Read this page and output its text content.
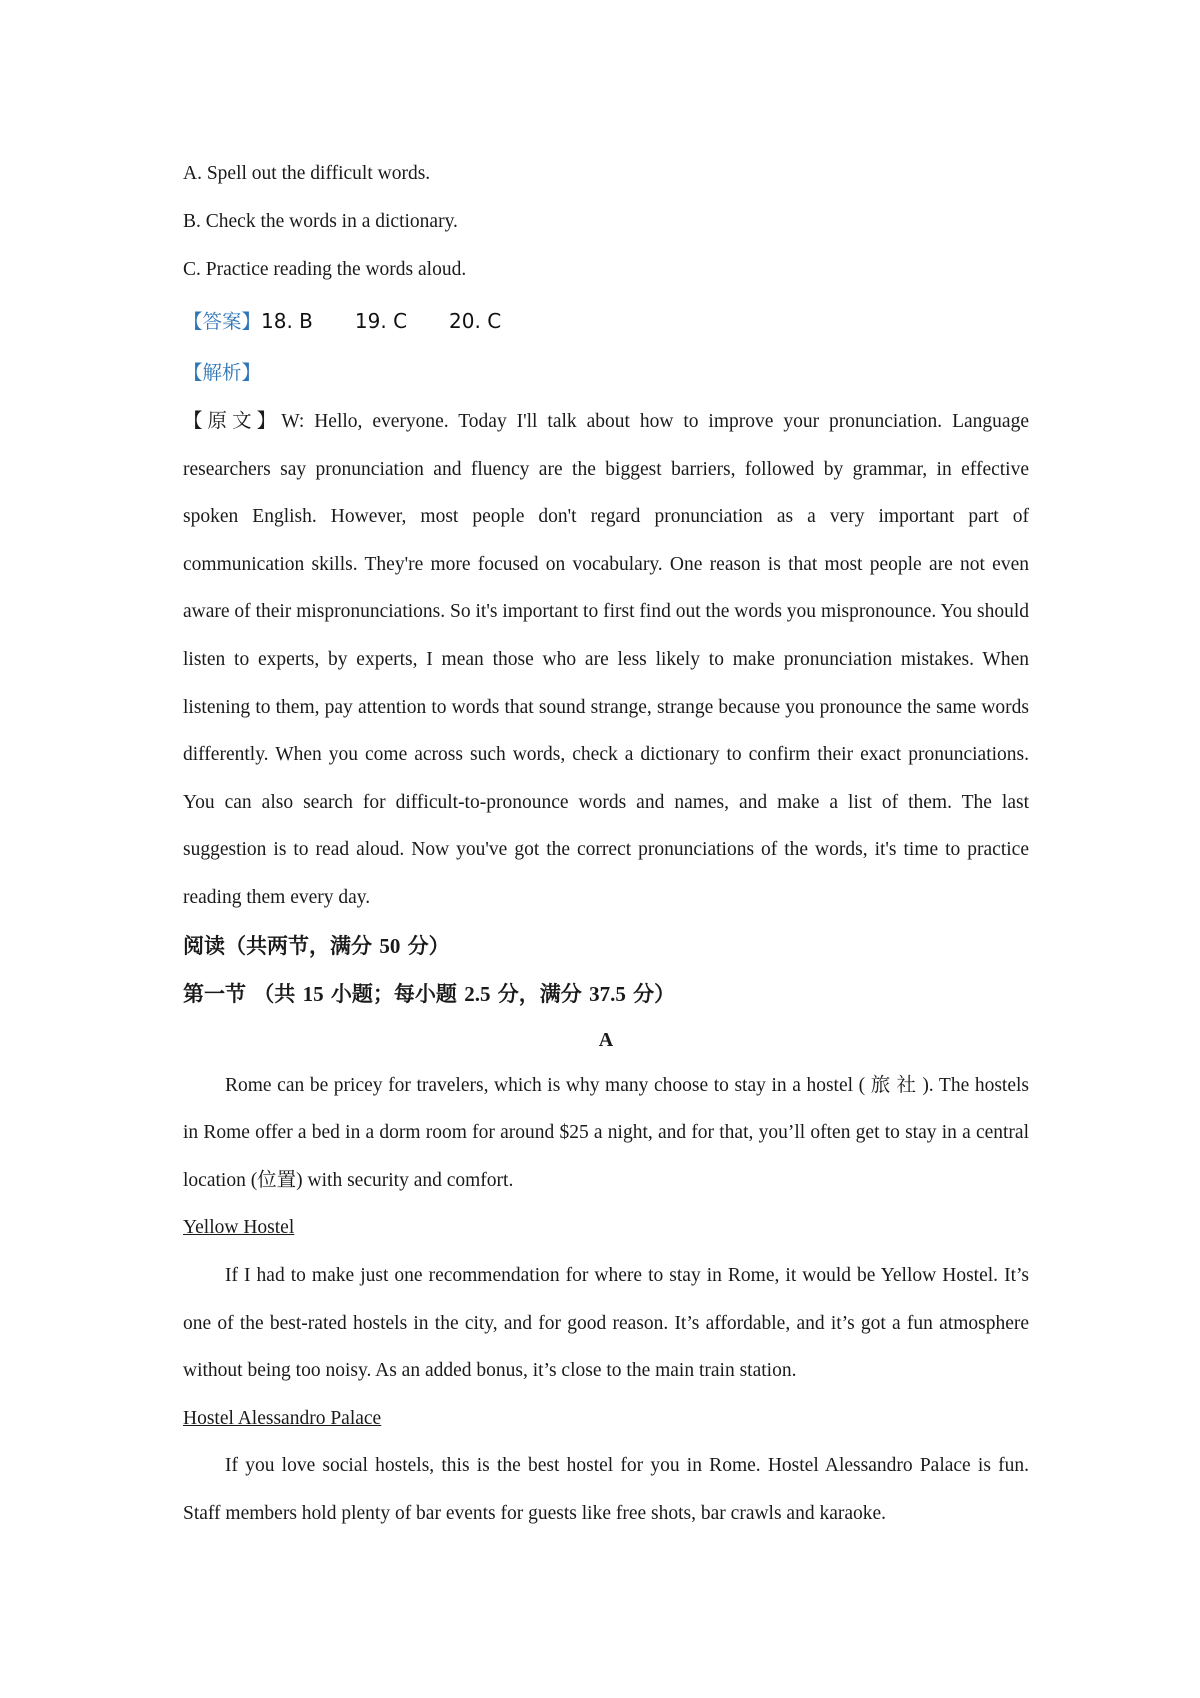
A. Spell out the difficult words.

B. Check the words in a dictionary.

C. Practice reading the words aloud.

【答案】18. B 19. C 20. C

【解析】

【原文】W: Hello, everyone. Today I'll talk about how to improve your pronunciation. Language researchers say pronunciation and fluency are the biggest barriers, followed by grammar, in effective spoken English. However, most people don't regard pronunciation as a very important part of communication skills. They're more focused on vocabulary. One reason is that most people are not even aware of their mispronunciations. So it's important to first find out the words you mispronounce. You should listen to experts, by experts, I mean those who are less likely to make pronunciation mistakes. When listening to them, pay attention to words that sound strange, strange because you pronounce the same words differently. When you come across such words, check a dictionary to confirm their exact pronunciations. You can also search for difficult-to-pronounce words and names, and make a list of them. The last suggestion is to read aloud. Now you've got the correct pronunciations of the words, it's time to practice reading them every day.

阅读（共两节，满分 50 分）

第一节 （共 15 小题；每小题 2.5 分，满分 37.5 分）

A

Rome can be pricey for travelers, which is why many choose to stay in a hostel ( 旅 社 ). The hostels in Rome offer a bed in a dorm room for around $25 a night, and for that, you’ll often get to stay in a central location (位置) with security and comfort.

Yellow Hostel

If I had to make just one recommendation for where to stay in Rome, it would be Yellow Hostel. It’s one of the best-rated hostels in the city, and for good reason. It’s affordable, and it’s got a fun atmosphere without being too noisy. As an added bonus, it’s close to the main train station.

Hostel Alessandro Palace

If you love social hostels, this is the best hostel for you in Rome. Hostel Alessandro Palace is fun. Staff members hold plenty of bar events for guests like free shots, bar crawls and karaoke.
